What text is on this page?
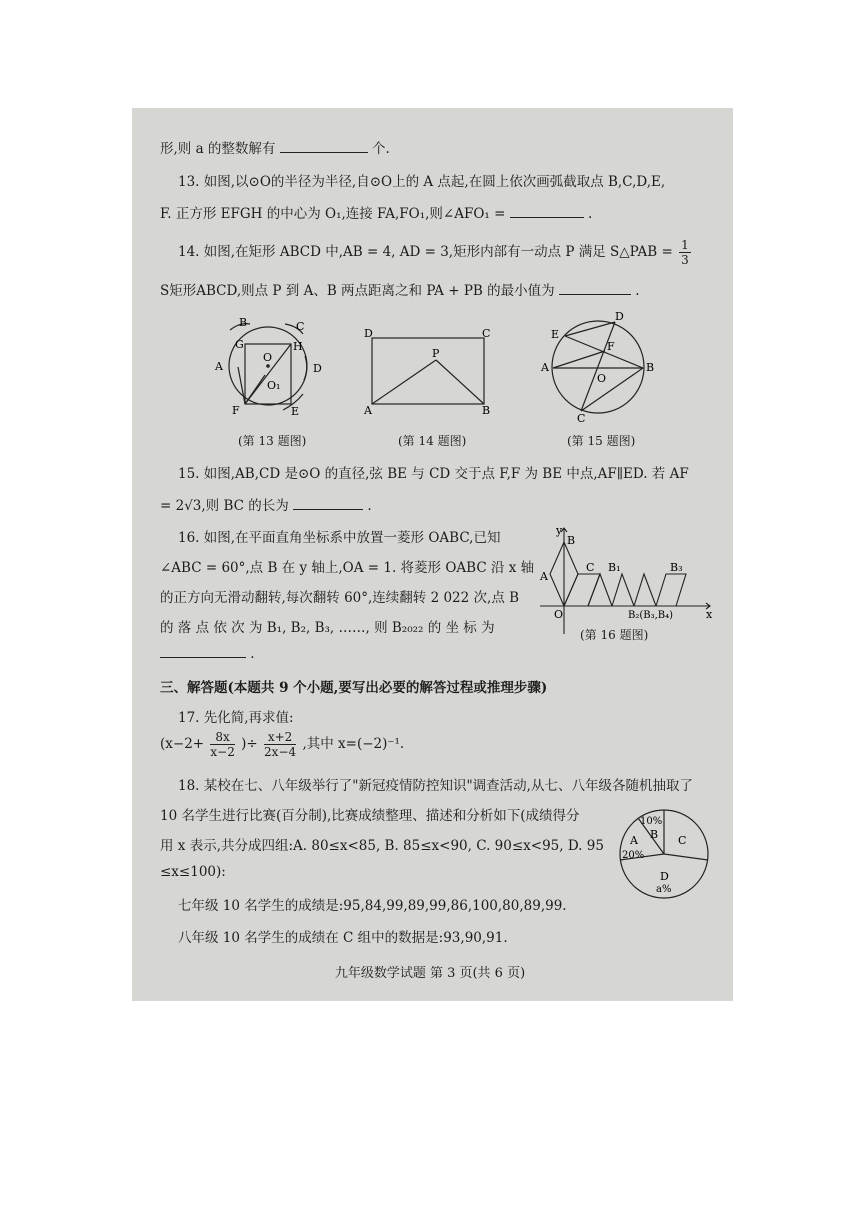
形,则 a 的整数解有	个.
13. 如图,以⊙O的半径为半径,自⊙O上的 A 点起,在圆上依次画弧截取点 B,C,D,E,
F. 正方形 EFGH 的中心为 O₁,连接 FA,FO₁,则∠AFO₁ =	.
14. 如图,在矩形 ABCD 中,AB = 4, AD = 3,矩形内部有一动点 P 满足 S△PAB = $\frac{1}{3}$
S矩形ABCD,则点 P 到 A、B 两点距离之和 PA + PB 的最小值为	.
B	C
D
E
F
A
G	H
O
O₁
D	C
A	B
P
E
D
A	B
C
F
O
(第 13 题图)	(第 14 题图)	(第 15 题图)
15. 如图,AB,CD 是⊙O 的直径,弦 BE 与 CD 交于点 F,F 为 BE 中点,AF∥ED. 若 AF
= 2√3,则 BC 的长为	.
16. 如图,在平面直角坐标系中放置一菱形 OABC,已知
∠ABC = 60°,点 B 在 y 轴上,OA = 1. 将菱形 OABC 沿 x 轴
的正方向无滑动翻转,每次翻转 60°,连续翻转 2 022 次,点 B
的 落 点 依 次 为 B₁, B₂, B₃, ……, 则 B₂₀₂₂ 的 坐 标 为
.
y
x
O
A
B
C B₁	B₃
B₂(B₃,B₄)
(第 16 题图)
三、解答题(本题共 9 个小题,要写出必要的解答过程或推理步骤)
17. 先化简,再求值:
($x-2+ \frac{8x}{x-2}$ )÷ $\frac{x+2}{2x-4}$ ,其中 x=(−2)⁻¹.
18. 某校在七、八年级举行了"新冠疫情防控知识"调查活动,从七、八年级各随机抽取了
10 名学生进行比赛(百分制),比赛成绩整理、描述和分析如下(成绩得分
用 x 表示,共分成四组:A. 80≤x<85, B. 85≤x<90, C. 90≤x<95, D. 95
≤x≤100):
七年级 10 名学生的成绩是:95,84,99,89,99,86,100,80,89,99.
八年级 10 名学生的成绩在 C 组中的数据是:93,90,91.
10%
B
A
20%
C
D
a%
九年级数学试题 第 3 页(共 6 页)
